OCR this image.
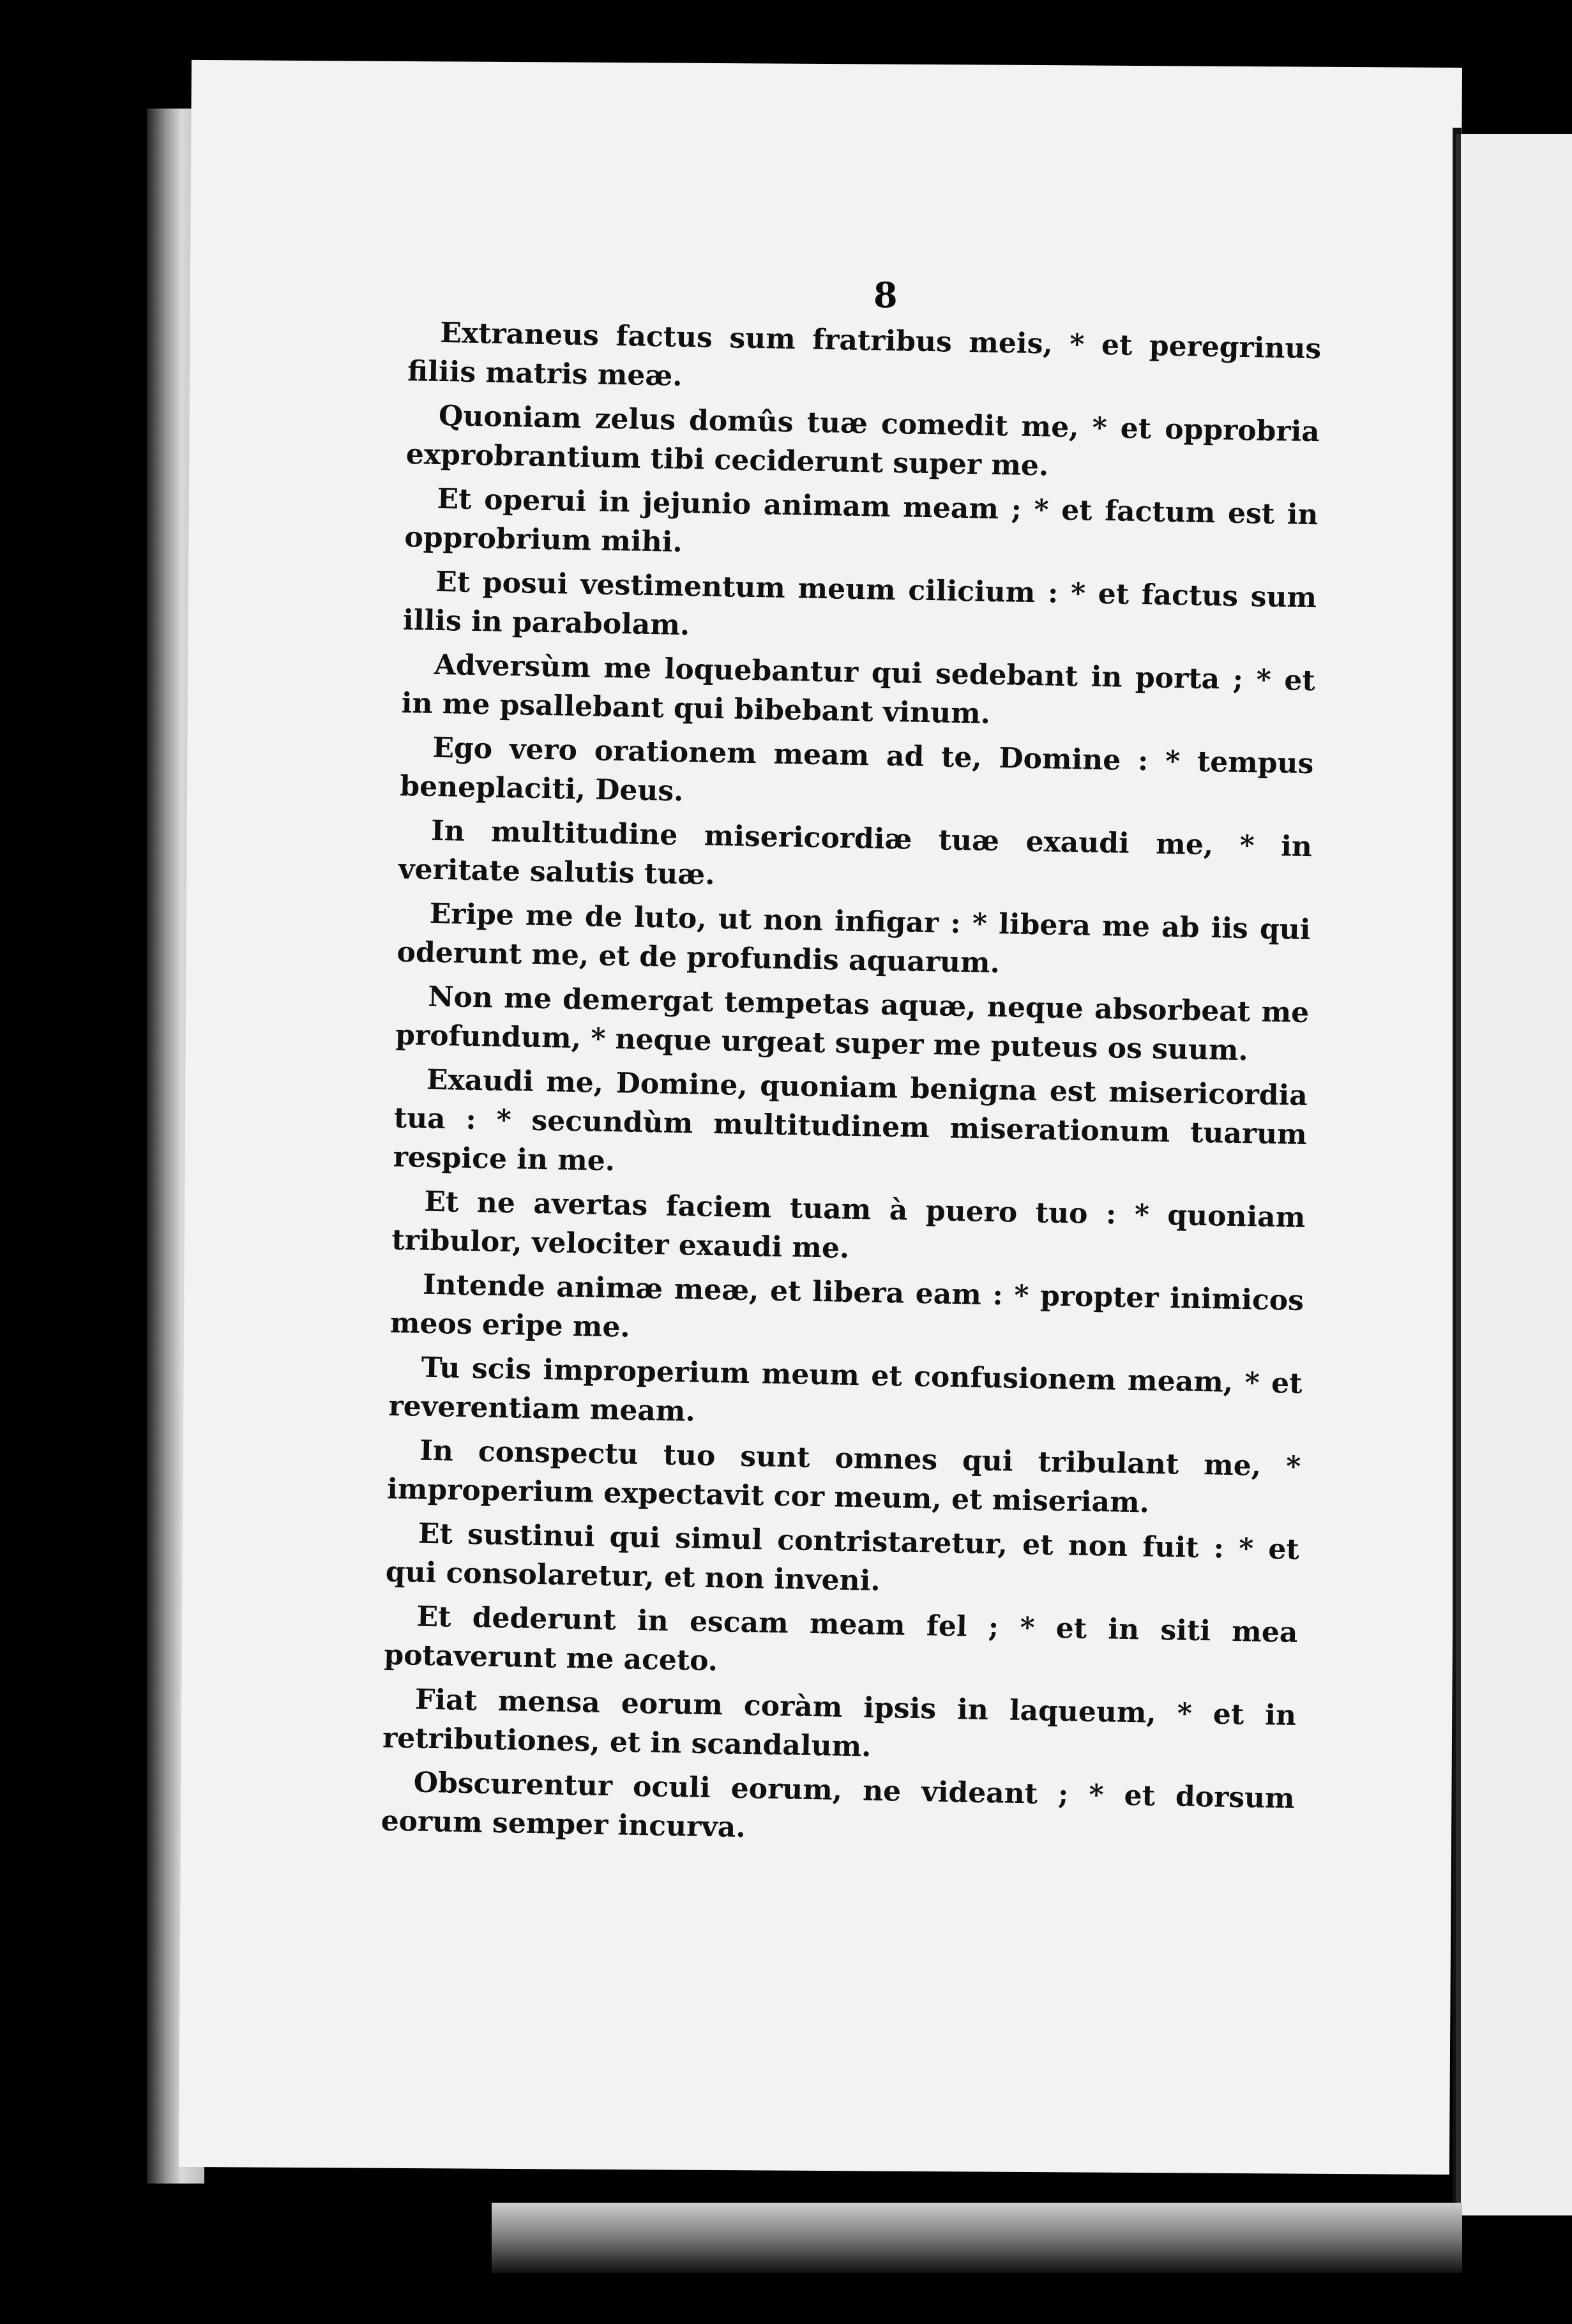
8

Extraneus factus sum fratribus meis, * et peregrinus filiis matris meæ.

Quoniam zelus domûs tuæ comedit me, * et opprobria exprobrantium tibi ceciderunt super me.

Et operui in jejunio animam meam ; * et factum est in opprobrium mihi.

Et posui vestimentum meum cilicium : * et factus sum illis in parabolam.

Adversùm me loquebantur qui sedebant in porta ; * et in me psallebant qui bibebant vinum.

Ego vero orationem meam ad te, Domine : * tempus beneplaciti, Deus.

In multitudine misericordiæ tuæ exaudi me, * in veritate salutis tuæ.

Eripe me de luto, ut non infigar : * libera me ab iis qui oderunt me, et de profundis aquarum.

Non me demergat tempetas aquæ, neque absorbeat me profundum, * neque urgeat super me puteus os suum.

Exaudi me, Domine, quoniam benigna est misericordia tua : * secundùm multitudinem miserationum tuarum respice in me.

Et ne avertas faciem tuam à puero tuo : * quoniam tribulor, velociter exaudi me.

Intende animæ meæ, et libera eam : * propter inimicos meos eripe me.

Tu scis improperium meum et confusionem meam, * et reverentiam meam.

In conspectu tuo sunt omnes qui tribulant me, * improperium expectavit cor meum, et miseriam.

Et sustinui qui simul contristaretur, et non fuit : * et qui consolaretur, et non inveni.

Et dederunt in escam meam fel ; * et in siti mea potaverunt me aceto.

Fiat mensa eorum coràm ipsis in laqueum, * et in retributiones, et in scandalum.

Obscurentur oculi eorum, ne videant ; * et dorsum eorum semper incurva.
